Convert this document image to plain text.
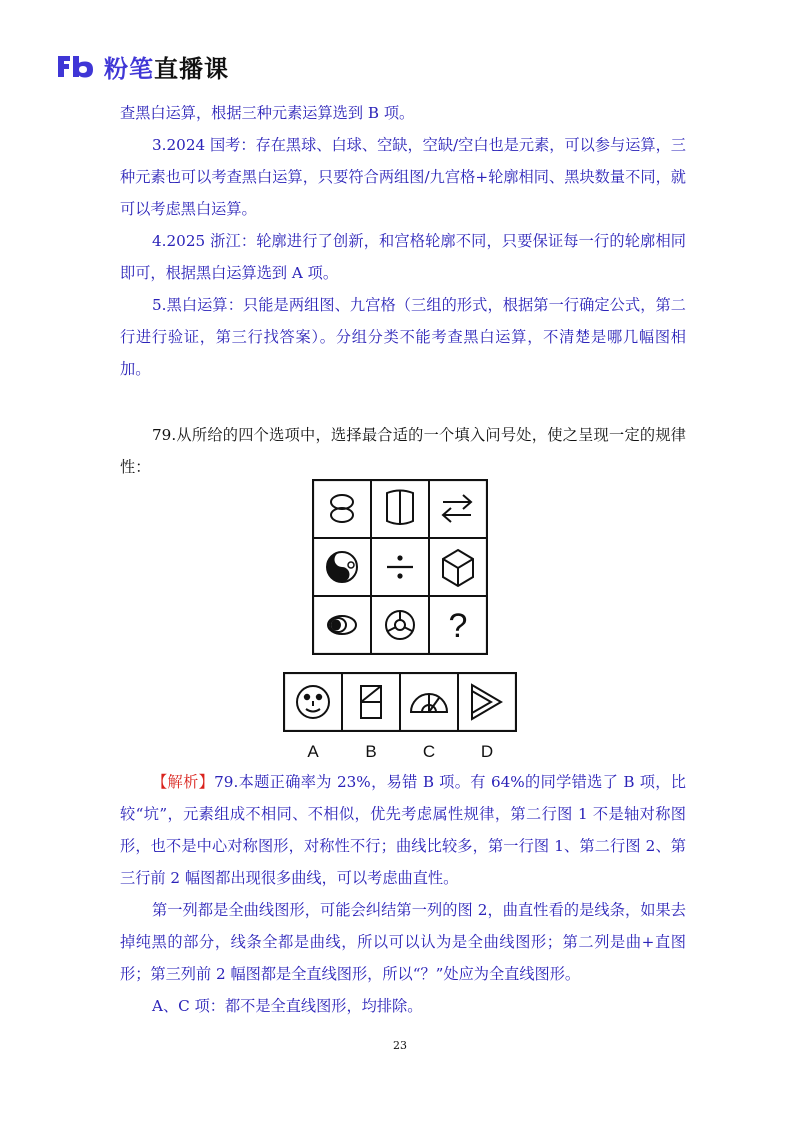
粉笔直播课

查黑白运算，根据三种元素运算选到 B 项。

3.2024 国考：存在黑球、白球、空缺，空缺/空白也是元素，可以参与运算，三种元素也可以考查黑白运算，只要符合两组图/九宫格+轮廓相同、黑块数量不同，就可以考虑黑白运算。

4.2025 浙江：轮廓进行了创新，和宫格轮廓不同，只要保证每一行的轮廓相同即可，根据黑白运算选到 A 项。

5.黑白运算：只能是两组图、九宫格（三组的形式，根据第一行确定公式，第二行进行验证，第三行找答案）。分组分类不能考查黑白运算，不清楚是哪几幅图相加。

79.从所给的四个选项中，选择最合适的一个填入问号处，使之呈现一定的规律性：

?
A	B	C	D

【解析】79.本题正确率为 23%，易错 B 项。有 64%的同学错选了 B 项，比较“坑”，元素组成不相同、不相似，优先考虑属性规律，第二行图 1 不是轴对称图形，也不是中心对称图形，对称性不行；曲线比较多，第一行图 1、第二行图 2、第三行前 2 幅图都出现很多曲线，可以考虑曲直性。

第一列都是全曲线图形，可能会纠结第一列的图 2，曲直性看的是线条，如果去掉纯黑的部分，线条全都是曲线，所以可以认为是全曲线图形；第二列是曲+直图形；第三列前 2 幅图都是全直线图形，所以“？”处应为全直线图形。

A、C 项：都不是全直线图形，均排除。

23
